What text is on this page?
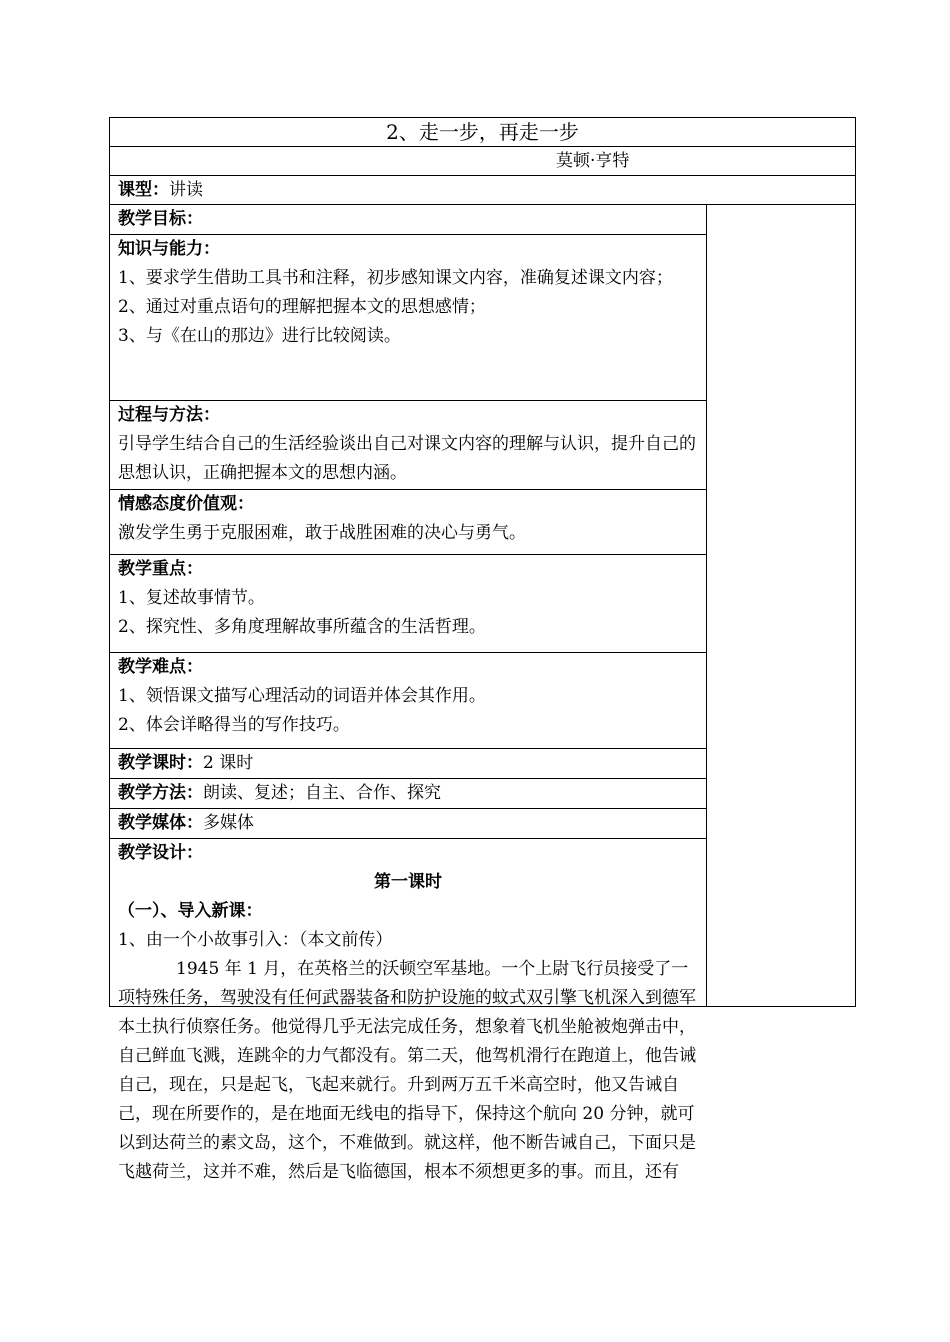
2、走一步，再走一步
莫顿·亨特
课型：讲读
教学目标：

知识与能力：

1、要求学生借助工具书和注释，初步感知课文内容，准确复述课文内容；

2、通过对重点语句的理解把握本文的思想感情；

3、与《在山的那边》进行比较阅读。

过程与方法：

引导学生结合自己的生活经验谈出自己对课文内容的理解与认识，提升自己的思想认识，正确把握本文的思想内涵。

情感态度价值观：

激发学生勇于克服困难，敢于战胜困难的决心与勇气。

教学重点：

1、复述故事情节。

2、探究性、多角度理解故事所蕴含的生活哲理。

教学难点：

1、领悟课文描写心理活动的词语并体会其作用。

2、体会详略得当的写作技巧。

教学课时：2 课时
教学方法：朗读、复述；自主、合作、探究
教学媒体：多媒体

教学设计：

第一课时

（一）、导入新课：

1、由一个小故事引入：（本文前传）

1945 年 1 月，在英格兰的沃顿空军基地。一个上尉飞行员接受了一项特殊任务，驾驶没有任何武器装备和防护设施的蚊式双引擎飞机深入到德军本土执行侦察任务。他觉得几乎无法完成任务，想象着飞机坐舱被炮弹击中，自己鲜血飞溅，连跳伞的力气都没有。第二天，他驾机滑行在跑道上，他告诫自己，现在，只是起飞，飞起来就行。升到两万五千米高空时，他又告诫自己，现在所要作的，是在地面无线电的指导下，保持这个航向 20 分钟，就可以到达荷兰的素文岛，这个，不难做到。就这样，他不断告诫自己，下面只是飞越荷兰，这并不难，然后是飞临德国，根本不须想更多的事。而且，还有
